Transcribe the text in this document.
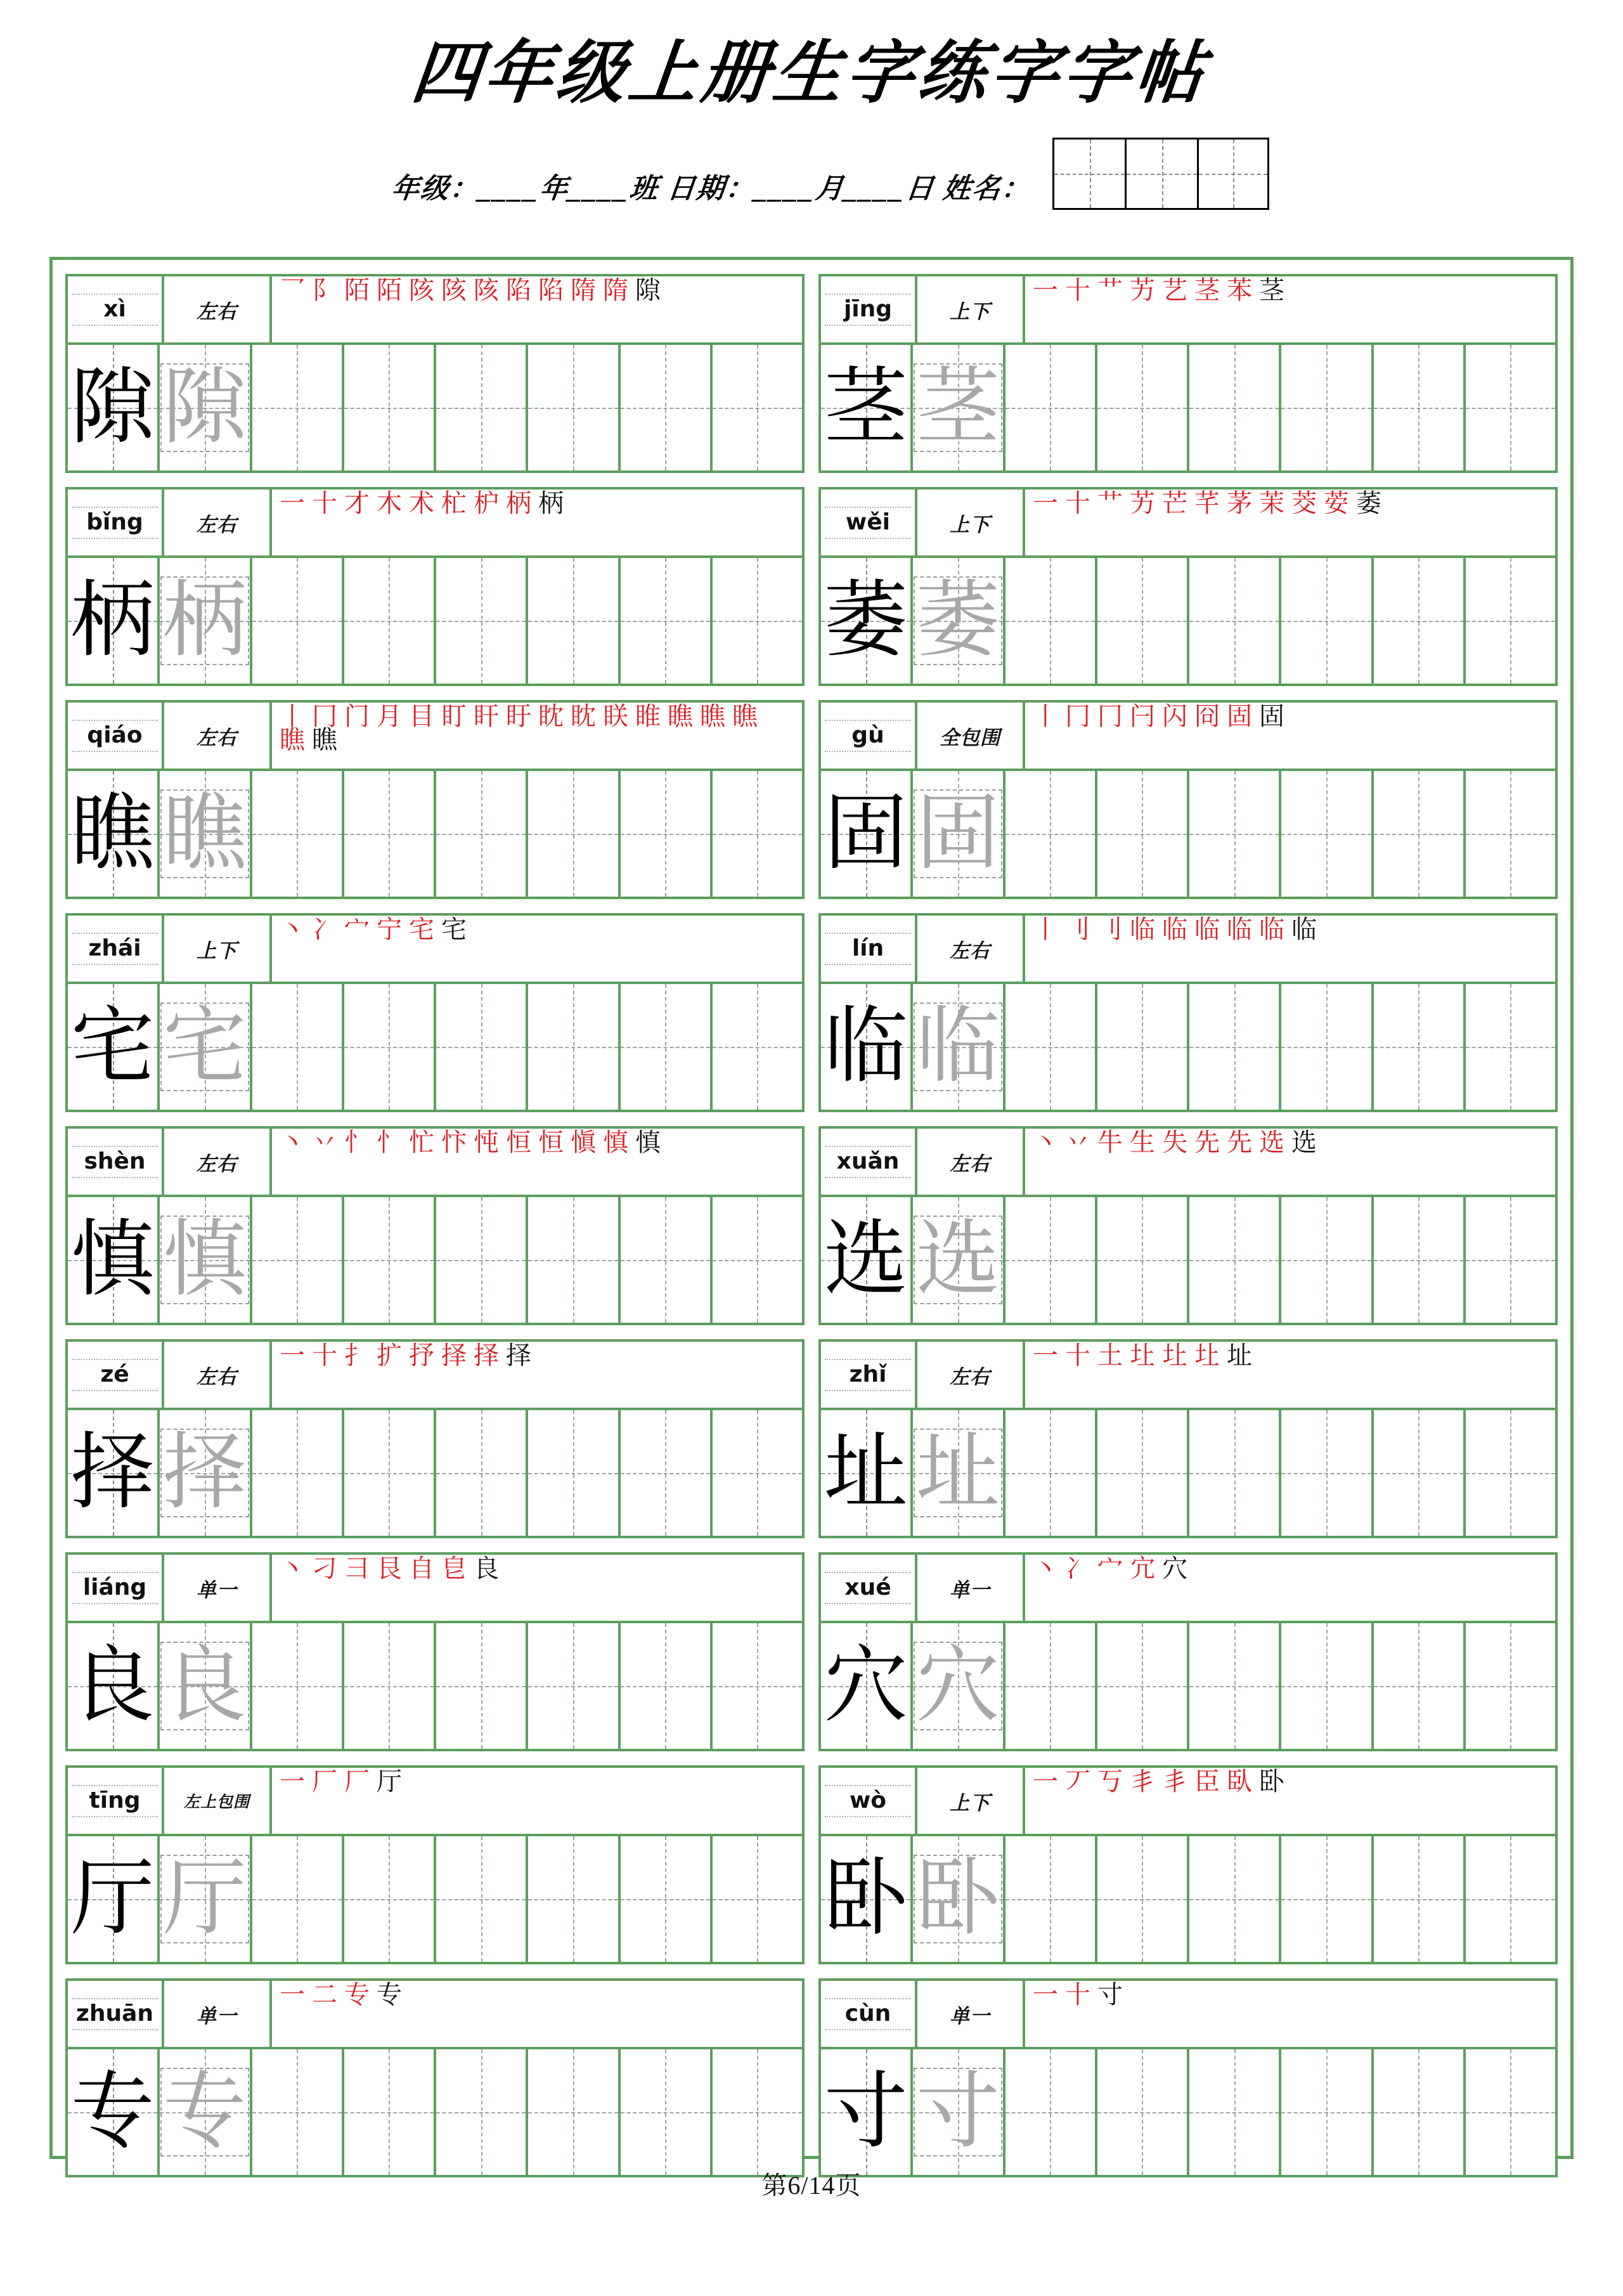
四年级上册生字练字字帖
年级：____年____班 日期：____月____日 姓名：
xì	左右
乛 阝 陌 陌 陔 陔 陔 陷 陷 隋 隋 隙
隙 隙
bǐng	左右
一 十 才 木 术 杧 枦 柄 柄
柄 柄
qiáo	左右
丨 冂 门 月 目 盯 盰 盱 眈 眈 眹 睢 瞧 瞧 瞧瞧 瞧
瞧 瞧
zhái	上下
丶 冫 宀 宁 宅 宅
宅 宅
shèn	左右
丶 丷 忄 忄 忙 忭 忳 恒 恒 愼 慎 慎
慎 慎
zé	左右
一 十 扌 扩 抒 择 择 择
择 择
liáng	单一
丶 刁 彐 艮 自 皀 良
良 良
tīng	左上包围
一 厂 厂 厅
厅 厅
zhuān	单一
一 二 专 专
专 专
jīng	上下
一 十 艹 艻 艺 茎 苯 茎
茎 茎
wěi	上下
一 十 艹 艻 芒 芊 茅 茉 茭 荌 萎
萎 萎
gù	全包围
丨 冂 冂 闩 闪 冏 固 固
固 固
lín	左右
丨 刂 刂 临 临 临 临 临 临
临 临
xuǎn	左右
丶 丷 牛 生 失 先 先 选 选
选 选
zhǐ	左右
一 十 土 圵 圵 圵 址
址 址
xué	单一
丶 冫 宀 宂 穴
穴 穴
wò	上下
一 丆 丂 丯 丯 臣 臥 卧
卧 卧
cùn	单一
一 十 寸
寸 寸
第6/14页
